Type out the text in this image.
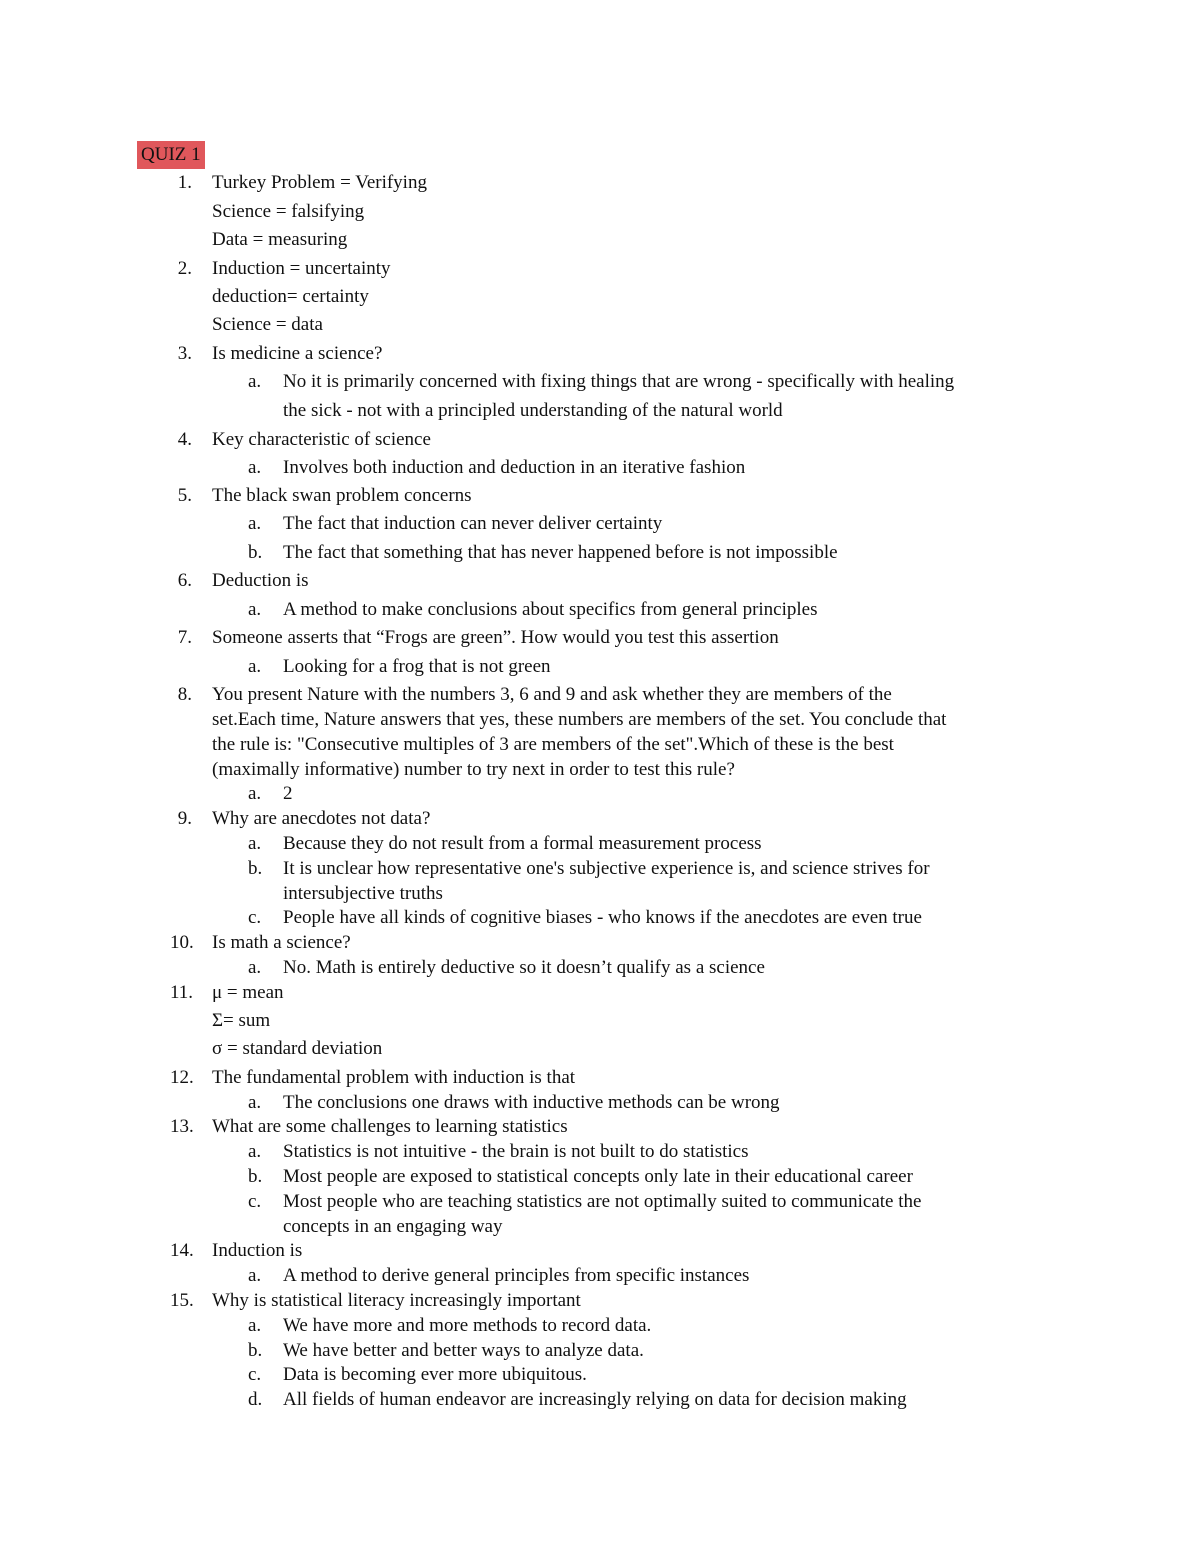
QUIZ 1
1. Turkey Problem = Verifying
Science = falsifying
Data = measuring
2. Induction = uncertainty
deduction= certainty
Science = data
3. Is medicine a science?
a. No it is primarily concerned with fixing things that are wrong - specifically with healing
the sick - not with a principled understanding of the natural world
4. Key characteristic of science
a. Involves both induction and deduction in an iterative fashion
5. The black swan problem concerns
a. The fact that induction can never deliver certainty
b. The fact that something that has never happened before is not impossible
6. Deduction is
a. A method to make conclusions about specifics from general principles
7. Someone asserts that “Frogs are green”. How would you test this assertion
a. Looking for a frog that is not green
8. You present Nature with the numbers 3, 6 and 9 and ask whether they are members of the
set.Each time, Nature answers that yes, these numbers are members of the set. You conclude that
the rule is: "Consecutive multiples of 3 are members of the set".Which of these is the best
(maximally informative) number to try next in order to test this rule?
a. 2
9. Why are anecdotes not data?
a. Because they do not result from a formal measurement process
b. It is unclear how representative one's subjective experience is, and science strives for
intersubjective truths
c. People have all kinds of cognitive biases - who knows if the anecdotes are even true
10. Is math a science?
a. No. Math is entirely deductive so it doesn’t qualify as a science
11. μ = mean
Σ= sum
σ = standard deviation
12. The fundamental problem with induction is that
a. The conclusions one draws with inductive methods can be wrong
13. What are some challenges to learning statistics
a. Statistics is not intuitive - the brain is not built to do statistics
b. Most people are exposed to statistical concepts only late in their educational career
c. Most people who are teaching statistics are not optimally suited to communicate the
concepts in an engaging way
14. Induction is
a. A method to derive general principles from specific instances
15. Why is statistical literacy increasingly important
a. We have more and more methods to record data.
b. We have better and better ways to analyze data.
c. Data is becoming ever more ubiquitous.
d. All fields of human endeavor are increasingly relying on data for decision making
